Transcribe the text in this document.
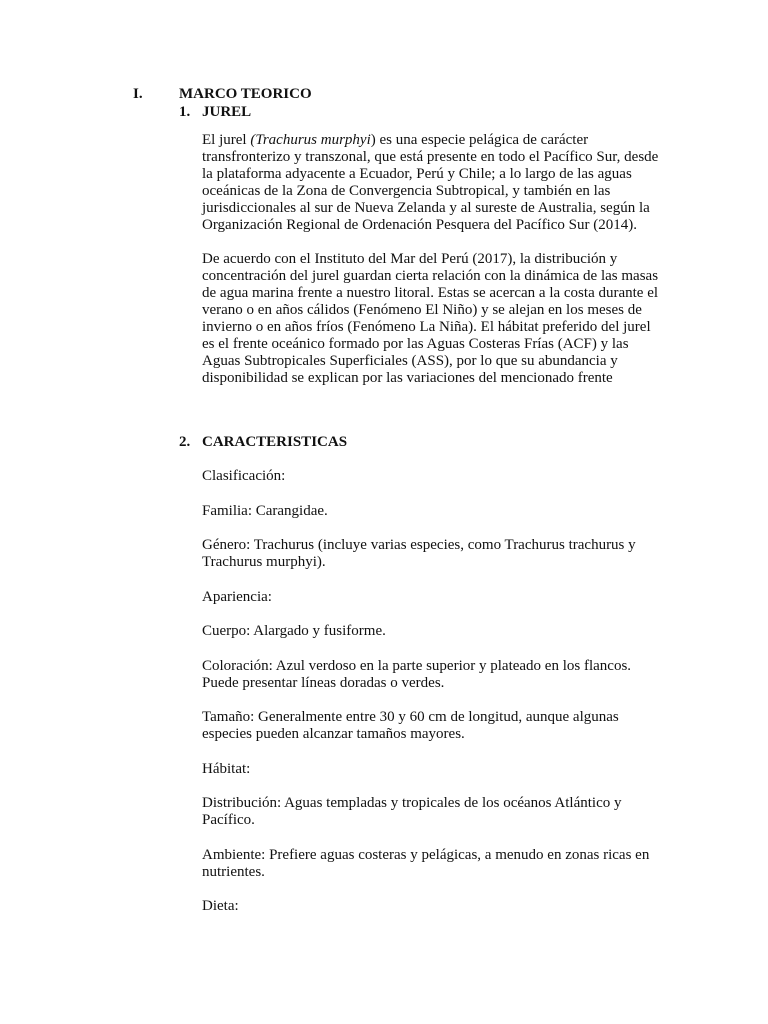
I. MARCO TEORICO
1. JUREL

El jurel (Trachurus murphyi) es una especie pelágica de carácter transfronterizo y transzonal, que está presente en todo el Pacífico Sur, desde la plataforma adyacente a Ecuador, Perú y Chile; a lo largo de las aguas oceánicas de la Zona de Convergencia Subtropical, y también en las jurisdiccionales al sur de Nueva Zelanda y al sureste de Australia, según la Organización Regional de Ordenación Pesquera del Pacífico Sur (2014).

De acuerdo con el Instituto del Mar del Perú (2017), la distribución y concentración del jurel guardan cierta relación con la dinámica de las masas de agua marina frente a nuestro litoral. Estas se acercan a la costa durante el verano o en años cálidos (Fenómeno El Niño) y se alejan en los meses de invierno o en años fríos (Fenómeno La Niña). El hábitat preferido del jurel es el frente oceánico formado por las Aguas Costeras Frías (ACF) y las Aguas Subtropicales Superficiales (ASS), por lo que su abundancia y disponibilidad se explican por las variaciones del mencionado frente

2. CARACTERISTICAS

Clasificación:

Familia: Carangidae.

Género: Trachurus (incluye varias especies, como Trachurus trachurus y Trachurus murphyi).

Apariencia:

Cuerpo: Alargado y fusiforme.

Coloración: Azul verdoso en la parte superior y plateado en los flancos. Puede presentar líneas doradas o verdes.

Tamaño: Generalmente entre 30 y 60 cm de longitud, aunque algunas especies pueden alcanzar tamaños mayores.

Hábitat:

Distribución: Aguas templadas y tropicales de los océanos Atlántico y Pacífico.

Ambiente: Prefiere aguas costeras y pelágicas, a menudo en zonas ricas en nutrientes.

Dieta:
